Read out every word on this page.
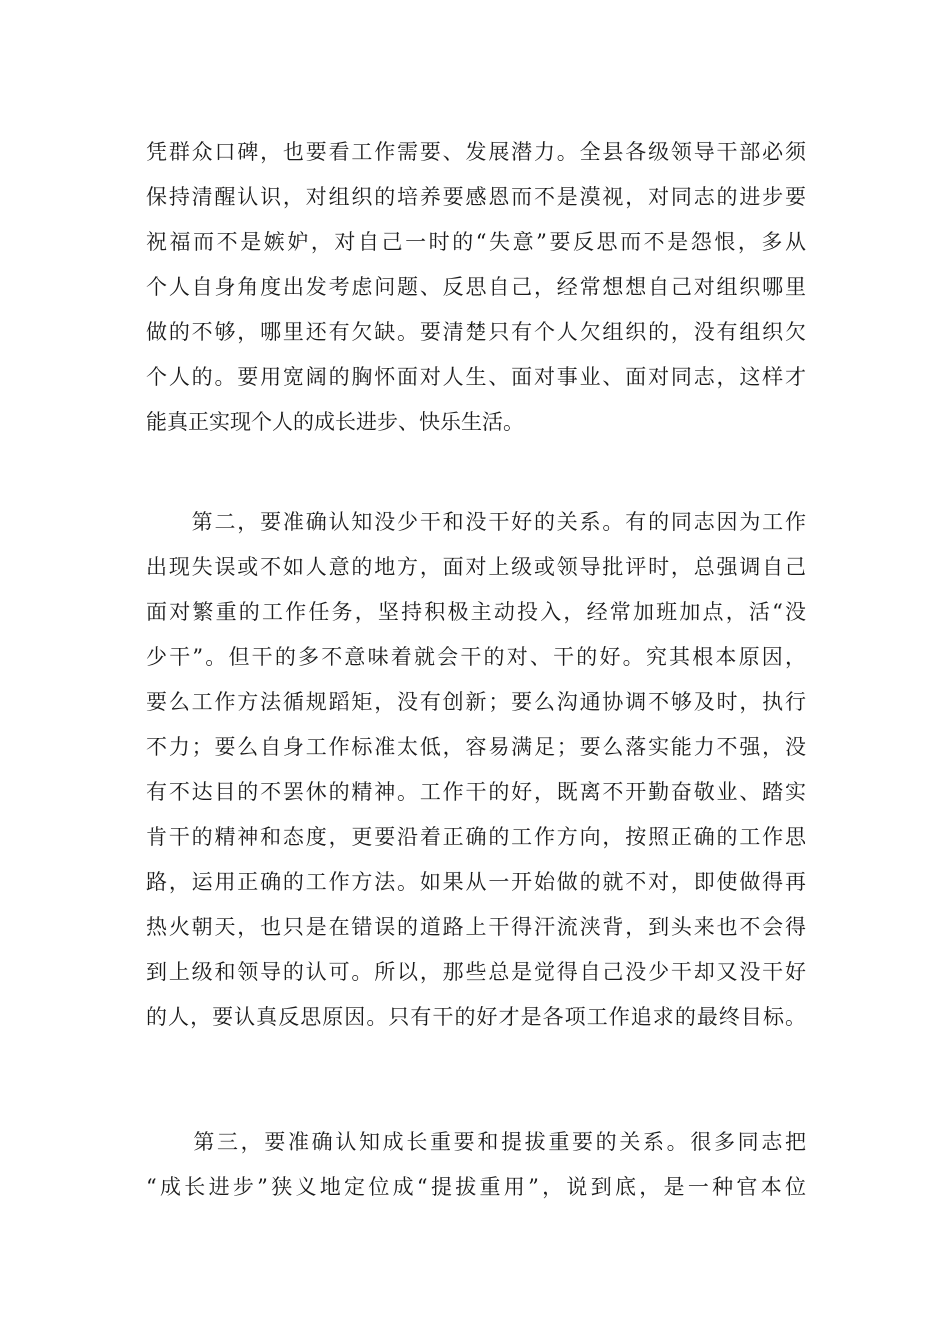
凭群众口碑，也要看工作需要、发展潜力。全县各级领导干部必须
保持清醒认识，对组织的培养要感恩而不是漠视，对同志的进步要
祝福而不是嫉妒，对自己一时的“失意”要反思而不是怨恨，多从
个人自身角度出发考虑问题、反思自己，经常想想自己对组织哪里
做的不够，哪里还有欠缺。要清楚只有个人欠组织的，没有组织欠
个人的。要用宽阔的胸怀面对人生、面对事业、面对同志，这样才
能真正实现个人的成长进步、快乐生活。
　　第二，要准确认知没少干和没干好的关系。有的同志因为工作
出现失误或不如人意的地方，面对上级或领导批评时，总强调自己
面对繁重的工作任务，坚持积极主动投入，经常加班加点，活“没
少干”。但干的多不意味着就会干的对、干的好。究其根本原因，
要么工作方法循规蹈矩，没有创新；要么沟通协调不够及时，执行
不力；要么自身工作标准太低，容易满足；要么落实能力不强，没
有不达目的不罢休的精神。工作干的好，既离不开勤奋敬业、踏实
肯干的精神和态度，更要沿着正确的工作方向，按照正确的工作思
路，运用正确的工作方法。如果从一开始做的就不对，即使做得再
热火朝天，也只是在错误的道路上干得汗流浃背，到头来也不会得
到上级和领导的认可。所以，那些总是觉得自己没少干却又没干好
的人，要认真反思原因。只有干的好才是各项工作追求的最终目标。
　　第三，要准确认知成长重要和提拔重要的关系。很多同志把
“成长进步”狭义地定位成“提拔重用”，说到底，是一种官本位
